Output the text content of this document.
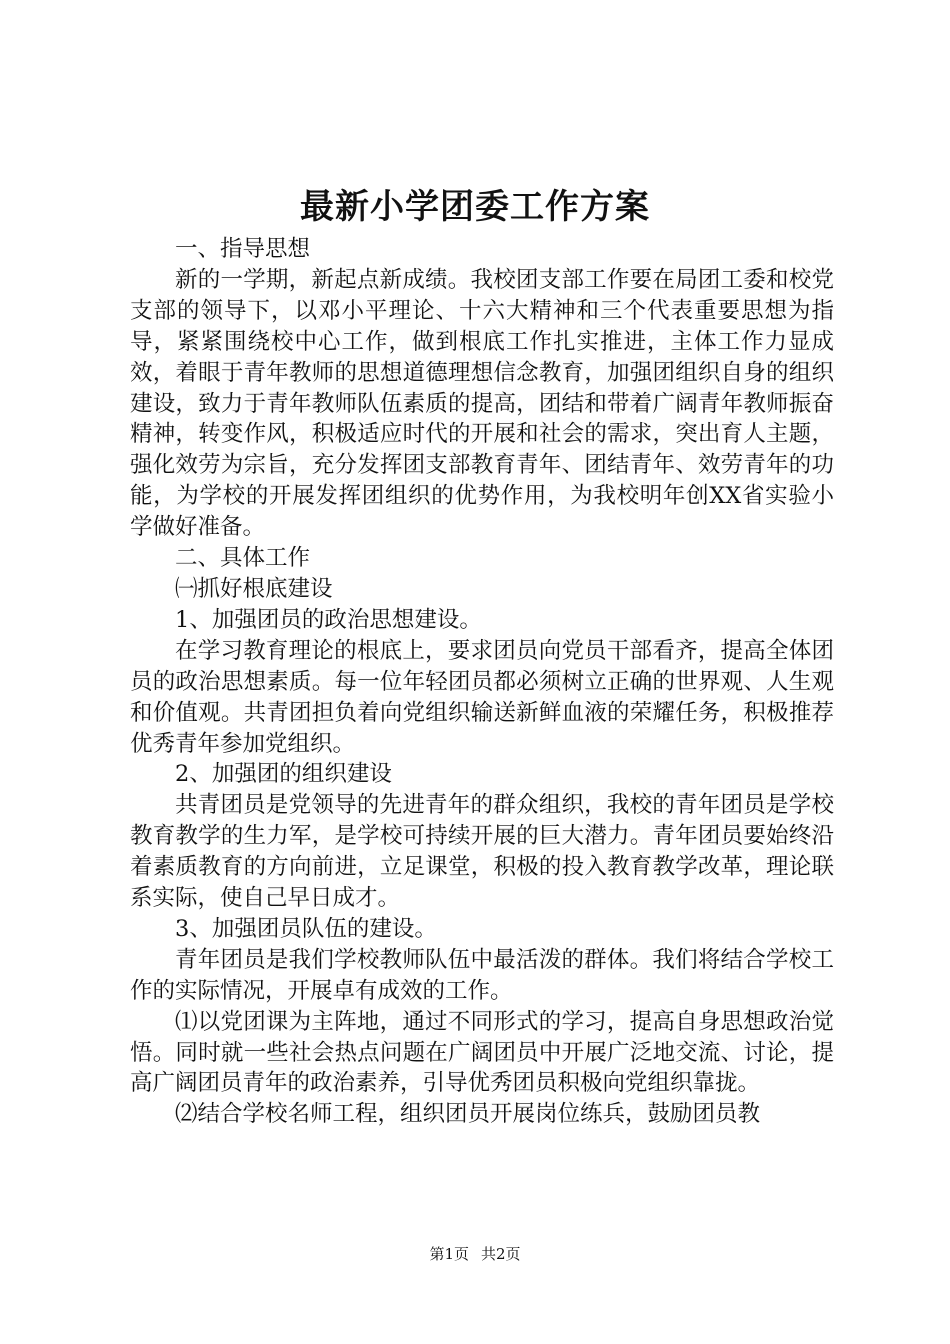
最新小学团委工作方案

一、指导思想

新的一学期，新起点新成绩。我校团支部工作要在局团工委和校党支部的领导下，以邓小平理论、十六大精神和三个代表重要思想为指导，紧紧围绕校中心工作，做到根底工作扎实推进，主体工作力显成效，着眼于青年教师的思想道德理想信念教育，加强团组织自身的组织建设，致力于青年教师队伍素质的提高，团结和带着广阔青年教师振奋精神，转变作风，积极适应时代的开展和社会的需求，突出育人主题，强化效劳为宗旨，充分发挥团支部教育青年、团结青年、效劳青年的功能，为学校的开展发挥团组织的优势作用，为我校明年创XX省实验小学做好准备。

二、具体工作

㈠抓好根底建设

1、加强团员的政治思想建设。

在学习教育理论的根底上，要求团员向党员干部看齐，提高全体团员的政治思想素质。每一位年轻团员都必须树立正确的世界观、人生观和价值观。共青团担负着向党组织输送新鲜血液的荣耀任务，积极推荐优秀青年参加党组织。

2、加强团的组织建设

共青团员是党领导的先进青年的群众组织，我校的青年团员是学校教育教学的生力军，是学校可持续开展的巨大潜力。青年团员要始终沿着素质教育的方向前进，立足课堂，积极的投入教育教学改革，理论联系实际，使自己早日成才。

3、加强团员队伍的建设。

青年团员是我们学校教师队伍中最活泼的群体。我们将结合学校工作的实际情况，开展卓有成效的工作。

⑴以党团课为主阵地，通过不同形式的学习，提高自身思想政治觉悟。同时就一些社会热点问题在广阔团员中开展广泛地交流、讨论，提高广阔团员青年的政治素养，引导优秀团员积极向党组织靠拢。

⑵结合学校名师工程，组织团员开展岗位练兵，鼓励团员教

第1页 共2页
